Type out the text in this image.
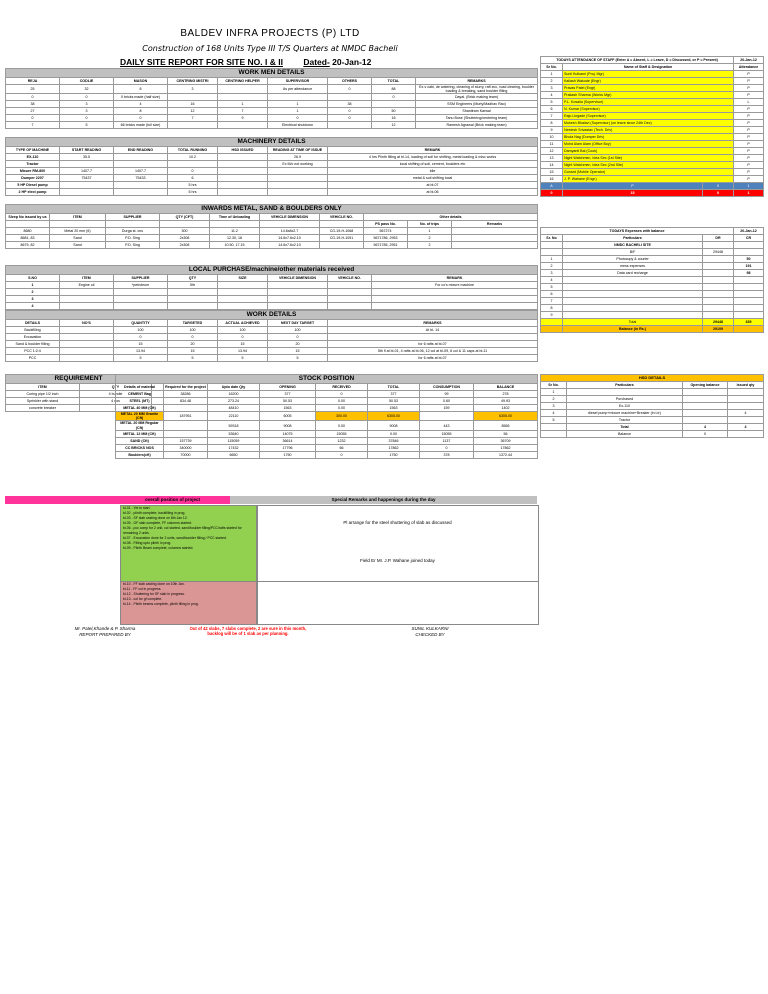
BALDEV INFRA PROJECTS (P) LTD
Construction of 168 Units Type III T/S Quarters at NMDC Bacheli
DAILY SITE REPORT FOR SITE NO. I & II Dated- 20-Jan-12
WORK MEN DETAILS								
REJA	CODLIE	MASON	CENTRING MISTRI	CENTRING HELPER	SUPERVISOR	OTHERS	TOTAL	REMARKS
25	32	8	3		As per attendance	0	88	Ex-v cabi, de watering, cleaning of slurry, raft ecc, road clearing, boulder loading & breaking, sand boulder filling
0	0	0 bricks made (half size)					0	Dayal. (Brick making team)
38	3	4	16	1	1	38		SSM Engineers (Murty/Madhav Rao)
27	3	8	12	7	1	0	50	Shantiram Karwal
0	0	0	7	9	0	0	16	Tanu Bose (Shuttering/centering team)
7	5	66 bricks made (full size)			Electrical shutdown		12	Ramesh Agrawal (Brick making team)
MACHINERY DETAILS						
TYPE OF MACHINE	START READING	END READING	TOTAL RUNNING	HSD ISSUED	READING AT TIME OF ISSUE	REMARK
EX-110	35.5		10.2		26.9	4 hrs Plinth filling at bl-14, loading of soil for shifting, metal loading & misc works
Tractor					Ex M/c not working	local shifting of soil, cement, boulders etc
Mixure RM-800	1407.7	1407.7	0			idle
Dumper 2207	75437	75433	6			metal & soil shifting local
5 HP Diesel pump			5 hrs			at bl-07
2 HP elect pump			5 hrs			at bl-06
INWARDS METAL, SAND & BOULDERS ONLY									
Sleep No issued by us	ITEM	SUPPLIER	QTY (CFT)	Time of Unloading	VEHICLE DIMENSION	VEHICLE NO.	Other details		
							PS pass No.	No. of trips	Remarks
8680	Metal 20 mm (6)	Durga st. cns	300	11.2	14.6x8x2.7	CG-19-H-1068	567274	1	
8681, 83	Sand	P.D. Sing	2x308	12.30, 18	14.6x7.6x2.10	CG-19-H-1091	5671786, 2953	2	
8679, 82	Sand	P.D. Sing	2x308	10.50, 17.15	14.6x7.6x2.10		5671785, 2951	2	
LOCAL PURCHASE/machine/other materials received							
S.NO	ITEM	SUPPLIER	QTY	SIZE	VEHICLE DIMENSION	VEHICLE NO.	REMARK
1	Engine oil	*petroleum	5ltr				For co's mixure machine
2							
3							
4							
WORK DETAILS						
DETAILS	NO'S	QUANTITY	TARGETED	ACTUAL ACHIEVED	NEXT DAY TARGET	REMARKS
Backfilling		100	100	100	100	At bl- 14
Excavation		0	0	0	0	
Sand & boulder filling		15	20	15	20	for 6 rafts at bl-07
PCC 1:2:4		13.94	15	13.94	15	5th fl at bl-01, 4 rafts at bl-06, 12 col at bl-09, 6 col & 11 caps at bl-11
PCC		5	5	5	5	for 6 rafts at bl-07
REQUIREMENT	
ITEM	QTY
Curing pipe 1/2 inch	4 bundle
Sprinkler with stand	4 nos
concrete breaker	1
STOCK POSITION							
Details of material	Required for the project	Upto date Qty	OPENING	RECEIVED	TOTAL	CONSUMPTION	BALANCE
CEMENT Bag	38286	16200	377	0	377	99	278
STEEL (MT)	834.48	273.24	50.53	0.00	50.53	0.60	49.93
METAL 40 MM (Cft)		48410	1563	0.00	1563	159	1402
METAL 20 MM Granite (Cft)	187951	22110	6005	300.00	6305.00		6305.00
METAL 20 MM Regular (Cft)		59318	9008	0.00	9008	443	8565
METAL 12 MM (Cft)		53640	14075	15055	0.00	15055	56
SAND (Cft)	157739	115059	36614	1232	37846	1137	36709
CC BRICKS NOS	340000	17432	17796	66	17862	0	17862
Boulders(cft)	70000	6650	1750	0	1750	378	1372.44
overall position of project	Special Remarks and happenings during the day
bl-01 - Yet to start.
bl-02 - plinth complete, backfilling in prog.
bl-03 - SF slab casting done on 8th Jan 12.
bl-05 - GF slab complete, FF columns started.
bl-06 - pcc comp for 2 unit, col started, sand/boulder filling/PCC/rafts started for remaining 2 units.
bl-07 - Excavation done for 2 units, sand/boulder filling / PCC started.
bl-08 - Filling upto plinth in prog.
bl-09 - Plinth Beam complete, columns started.
bl-10 - FF slab casting done on 10th Jan.
bl-11 - FF col in progress.
bl-12 - Shuttering for SF slab in progress.
bl-13 - col for gf complete.
bl-14 - Plinth beams complete, plinth filling in prog.
Pl arrange for the steel shuttering of slab as discussed
Field Er Mr. J.P. Wahane joined today
Mr. Patel,Khande & P. Sharma
REPORT PREPARED BY
Out of 42 slabs, 7 slabs complete, 2 are sure in this month, backlog will be of 1 slab as per planning.
SUNIL KULKARNI
CHECKED BY
TODAYS ATTENDANCE OF STAFF (Enter A = Absent, L = Leave, D = Discussed, or P = Present)			20-Jan-12
Sr No.	Name of Staff & Designation		Attendance
1	Sunil Kulkarni (Proj. Mgr)		P
2	Kailash Wakode (Engr)		P
3	Pravas Patel (Engr)		P
4	Prakash Sharma (Works Mgr)		P
5	P.L. Kosalia (Supervisor)		L
6	N. Kumar (Supervisor)		P
7	Raju Lingade (Supervisor)		P
8	Mukesh Bhalavi (Supervisor) (on leave since 24th Dec)		P
9	Neelesh Srivastav (Tech. Driv)		P
10	Bhola Nag (Dumper Driv)		P
11	Mohd Alam Alam (Office Boy)		P
12	Damyanti Bai (Cook)		P
13	Night Watchmen, Idea Sec (1st Site)		P
14	Night Watchmen, Idea Sec (2nd Site)		P
15	Gunard (Mobile Operator)		P
16	J. P. Wahane (Engr.)		P
A	P	0	1
0	15	0	1
TODAYS Expenses with balance			20-Jan-12
Sr. No	Particulars	DR	CR
	NMDC BACHELI SITE		
	B/F	29448	
1	Photocopy & courier		50
2	mess expenses		191
3	Data card recharge		98
4			
5			
6			
7			
8			
9			
	Total	29448	339
	Balance (in Rs.)	29109	
HSD DETAILS			
Sr No.	Particulars	Opening balance	Issued qty
1			
2	Purchased		
3	Ex-110		
4	diesel pump+mixure machine+Breaker (in Ltr)		4
5	Tractor		
	Total	4	4
	Balance	0	
